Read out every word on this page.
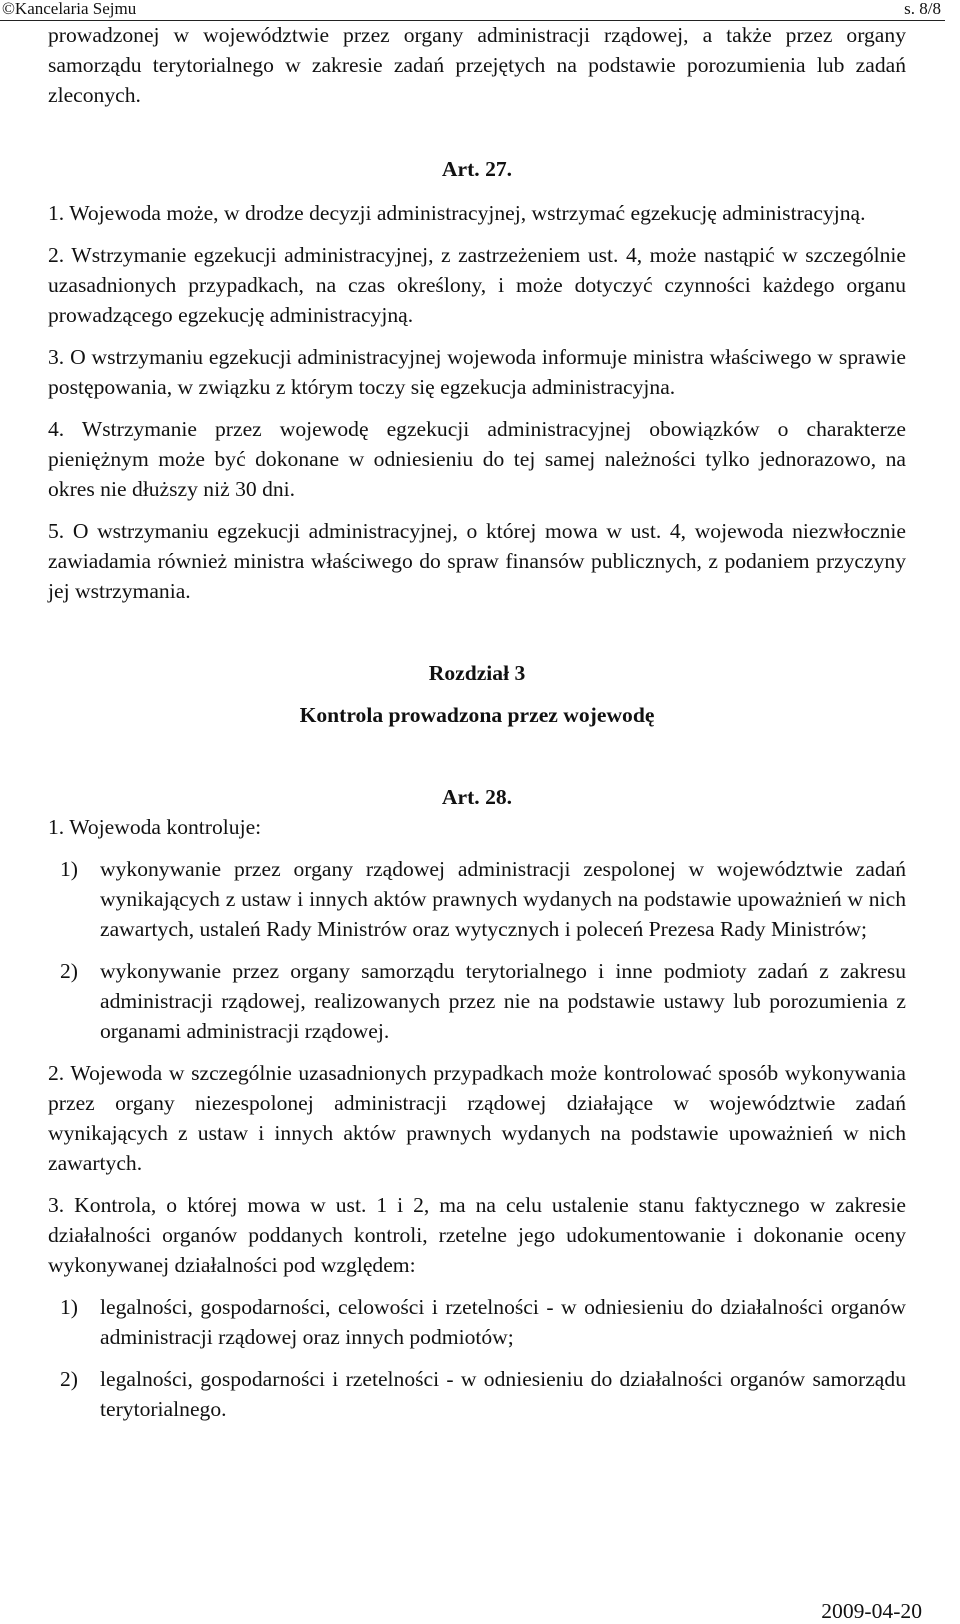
©Kancelaria Sejmu	s. 8/8

prowadzonej w województwie przez organy administracji rządowej, a także przez organy samorządu terytorialnego w zakresie zadań przejętych na podstawie porozumienia lub zadań zleconych.

Art. 27.

1. Wojewoda może, w drodze decyzji administracyjnej, wstrzymać egzekucję administracyjną.

2. Wstrzymanie egzekucji administracyjnej, z zastrzeżeniem ust. 4, może nastąpić w szczególnie uzasadnionych przypadkach, na czas określony, i może dotyczyć czynności każdego organu prowadzącego egzekucję administracyjną.

3. O wstrzymaniu egzekucji administracyjnej wojewoda informuje ministra właściwego w sprawie postępowania, w związku z którym toczy się egzekucja administracyjna.

4. Wstrzymanie przez wojewodę egzekucji administracyjnej obowiązków o charakterze pieniężnym może być dokonane w odniesieniu do tej samej należności tylko jednorazowo, na okres nie dłuższy niż 30 dni.

5. O wstrzymaniu egzekucji administracyjnej, o której mowa w ust. 4, wojewoda niezwłocznie zawiadamia również ministra właściwego do spraw finansów publicznych, z podaniem przyczyny jej wstrzymania.

Rozdział 3

Kontrola prowadzona przez wojewodę

Art. 28.

1. Wojewoda kontroluje:

1)	wykonywanie przez organy rządowej administracji zespolonej w województwie zadań wynikających z ustaw i innych aktów prawnych wydanych na podstawie upoważnień w nich zawartych, ustaleń Rady Ministrów oraz wytycznych i poleceń Prezesa Rady Ministrów;

2)	wykonywanie przez organy samorządu terytorialnego i inne podmioty zadań z zakresu administracji rządowej, realizowanych przez nie na podstawie ustawy lub porozumienia z organami administracji rządowej.

2. Wojewoda w szczególnie uzasadnionych przypadkach może kontrolować sposób wykonywania przez organy niezespolonej administracji rządowej działające w województwie zadań wynikających z ustaw i innych aktów prawnych wydanych na podstawie upoważnień w nich zawartych.

3. Kontrola, o której mowa w ust. 1 i 2, ma na celu ustalenie stanu faktycznego w zakresie działalności organów poddanych kontroli, rzetelne jego udokumentowanie i dokonanie oceny wykonywanej działalności pod względem:

1)	legalności, gospodarności, celowości i rzetelności - w odniesieniu do działalności organów administracji rządowej oraz innych podmiotów;

2)	legalności, gospodarności i rzetelności - w odniesieniu do działalności organów samorządu terytorialnego.

2009-04-20
